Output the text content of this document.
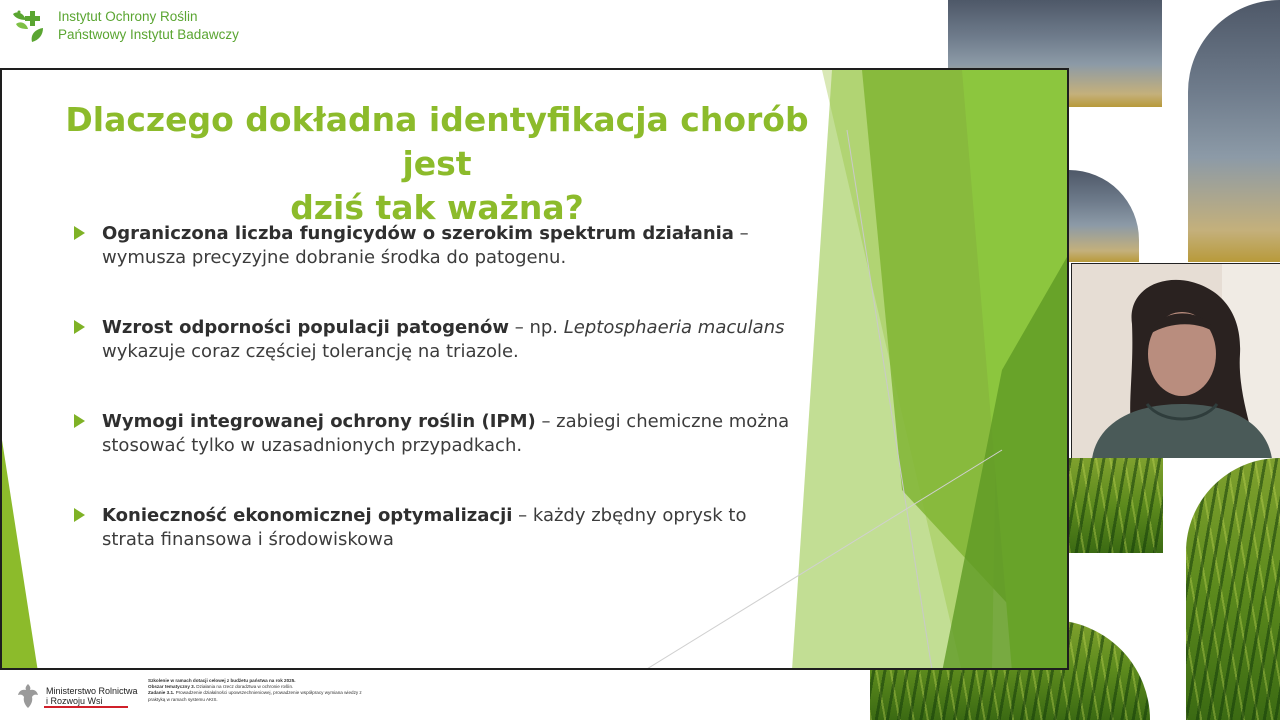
Instytut Ochrony Roślin
Państwowy Instytut Badawczy
Dlaczego dokładna identyfikacja chorób jest
dziś tak ważna?
Ograniczona liczba fungicydów o szerokim spektrum działania – wymusza precyzyjne dobranie środka do patogenu.
Wzrost odporności populacji patogenów – np. Leptosphaeria maculans wykazuje coraz częściej tolerancję na triazole.
Wymogi integrowanej ochrony roślin (IPM) – zabiegi chemiczne można stosować tylko w uzasadnionych przypadkach.
Konieczność ekonomicznej optymalizacji – każdy zbędny oprysk to strata finansowa i środowiskowa
Ministerstwo Rolnictwa
i Rozwoju Wsi
Szkolenie w ramach dotacji celowej z budżetu państwa na rok 2025.
Obszar tematyczny 3. Działania na rzecz doradztwa w ochronie roślin.
Zadanie 3.1. Prowadzenie działalności upowszechnieniowej, prowadzenie współpracy wymiana wiedzy z praktyką w ramach systemu AKIS.
